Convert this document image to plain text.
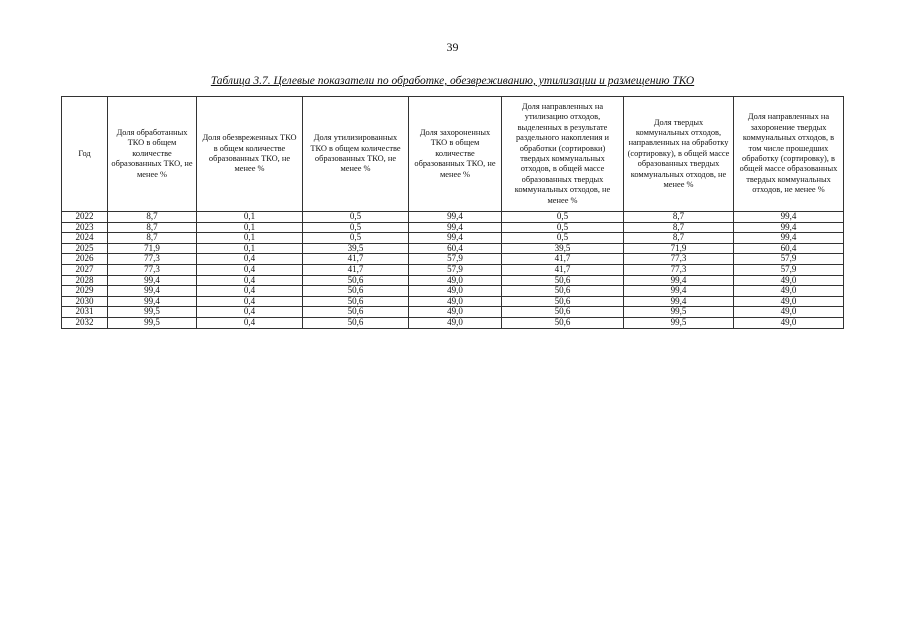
39
Таблица 3.7. Целевые показатели по обработке, обезвреживанию, утилизации и размещению ТКО
Год	Доля обработанных ТКО в общем количестве образованных ТКО, не менее %	Доля обезвреженных ТКО в общем количестве образованных ТКО, не менее %	Доля утилизированных ТКО в общем количестве образованных ТКО, не менее %	Доля захороненных ТКО в общем количестве образованных ТКО, не менее %	Доля направленных на утилизацию отходов, выделенных в результате раздельного накопления и обработки (сортировки) твердых коммунальных отходов, в общей массе образованных твердых коммунальных отходов, не менее %	Доля твердых коммунальных отходов, направленных на обработку (сортировку), в общей массе образованных твердых коммунальных отходов, не менее %	Доля направленных на захоронение твердых коммунальных отходов, в том числе прошедших обработку (сортировку), в общей массе образованных твердых коммунальных отходов, не менее %
2022	8,7	0,1	0,5	99,4	0,5	8,7	99,4
2023	8,7	0,1	0,5	99,4	0,5	8,7	99,4
2024	8,7	0,1	0,5	99,4	0,5	8,7	99,4
2025	71,9	0,1	39,5	60,4	39,5	71,9	60,4
2026	77,3	0,4	41,7	57,9	41,7	77,3	57,9
2027	77,3	0,4	41,7	57,9	41,7	77,3	57,9
2028	99,4	0,4	50,6	49,0	50,6	99,4	49,0
2029	99,4	0,4	50,6	49,0	50,6	99,4	49,0
2030	99,4	0,4	50,6	49,0	50,6	99,4	49,0
2031	99,5	0,4	50,6	49,0	50,6	99,5	49,0
2032	99,5	0,4	50,6	49,0	50,6	99,5	49,0
